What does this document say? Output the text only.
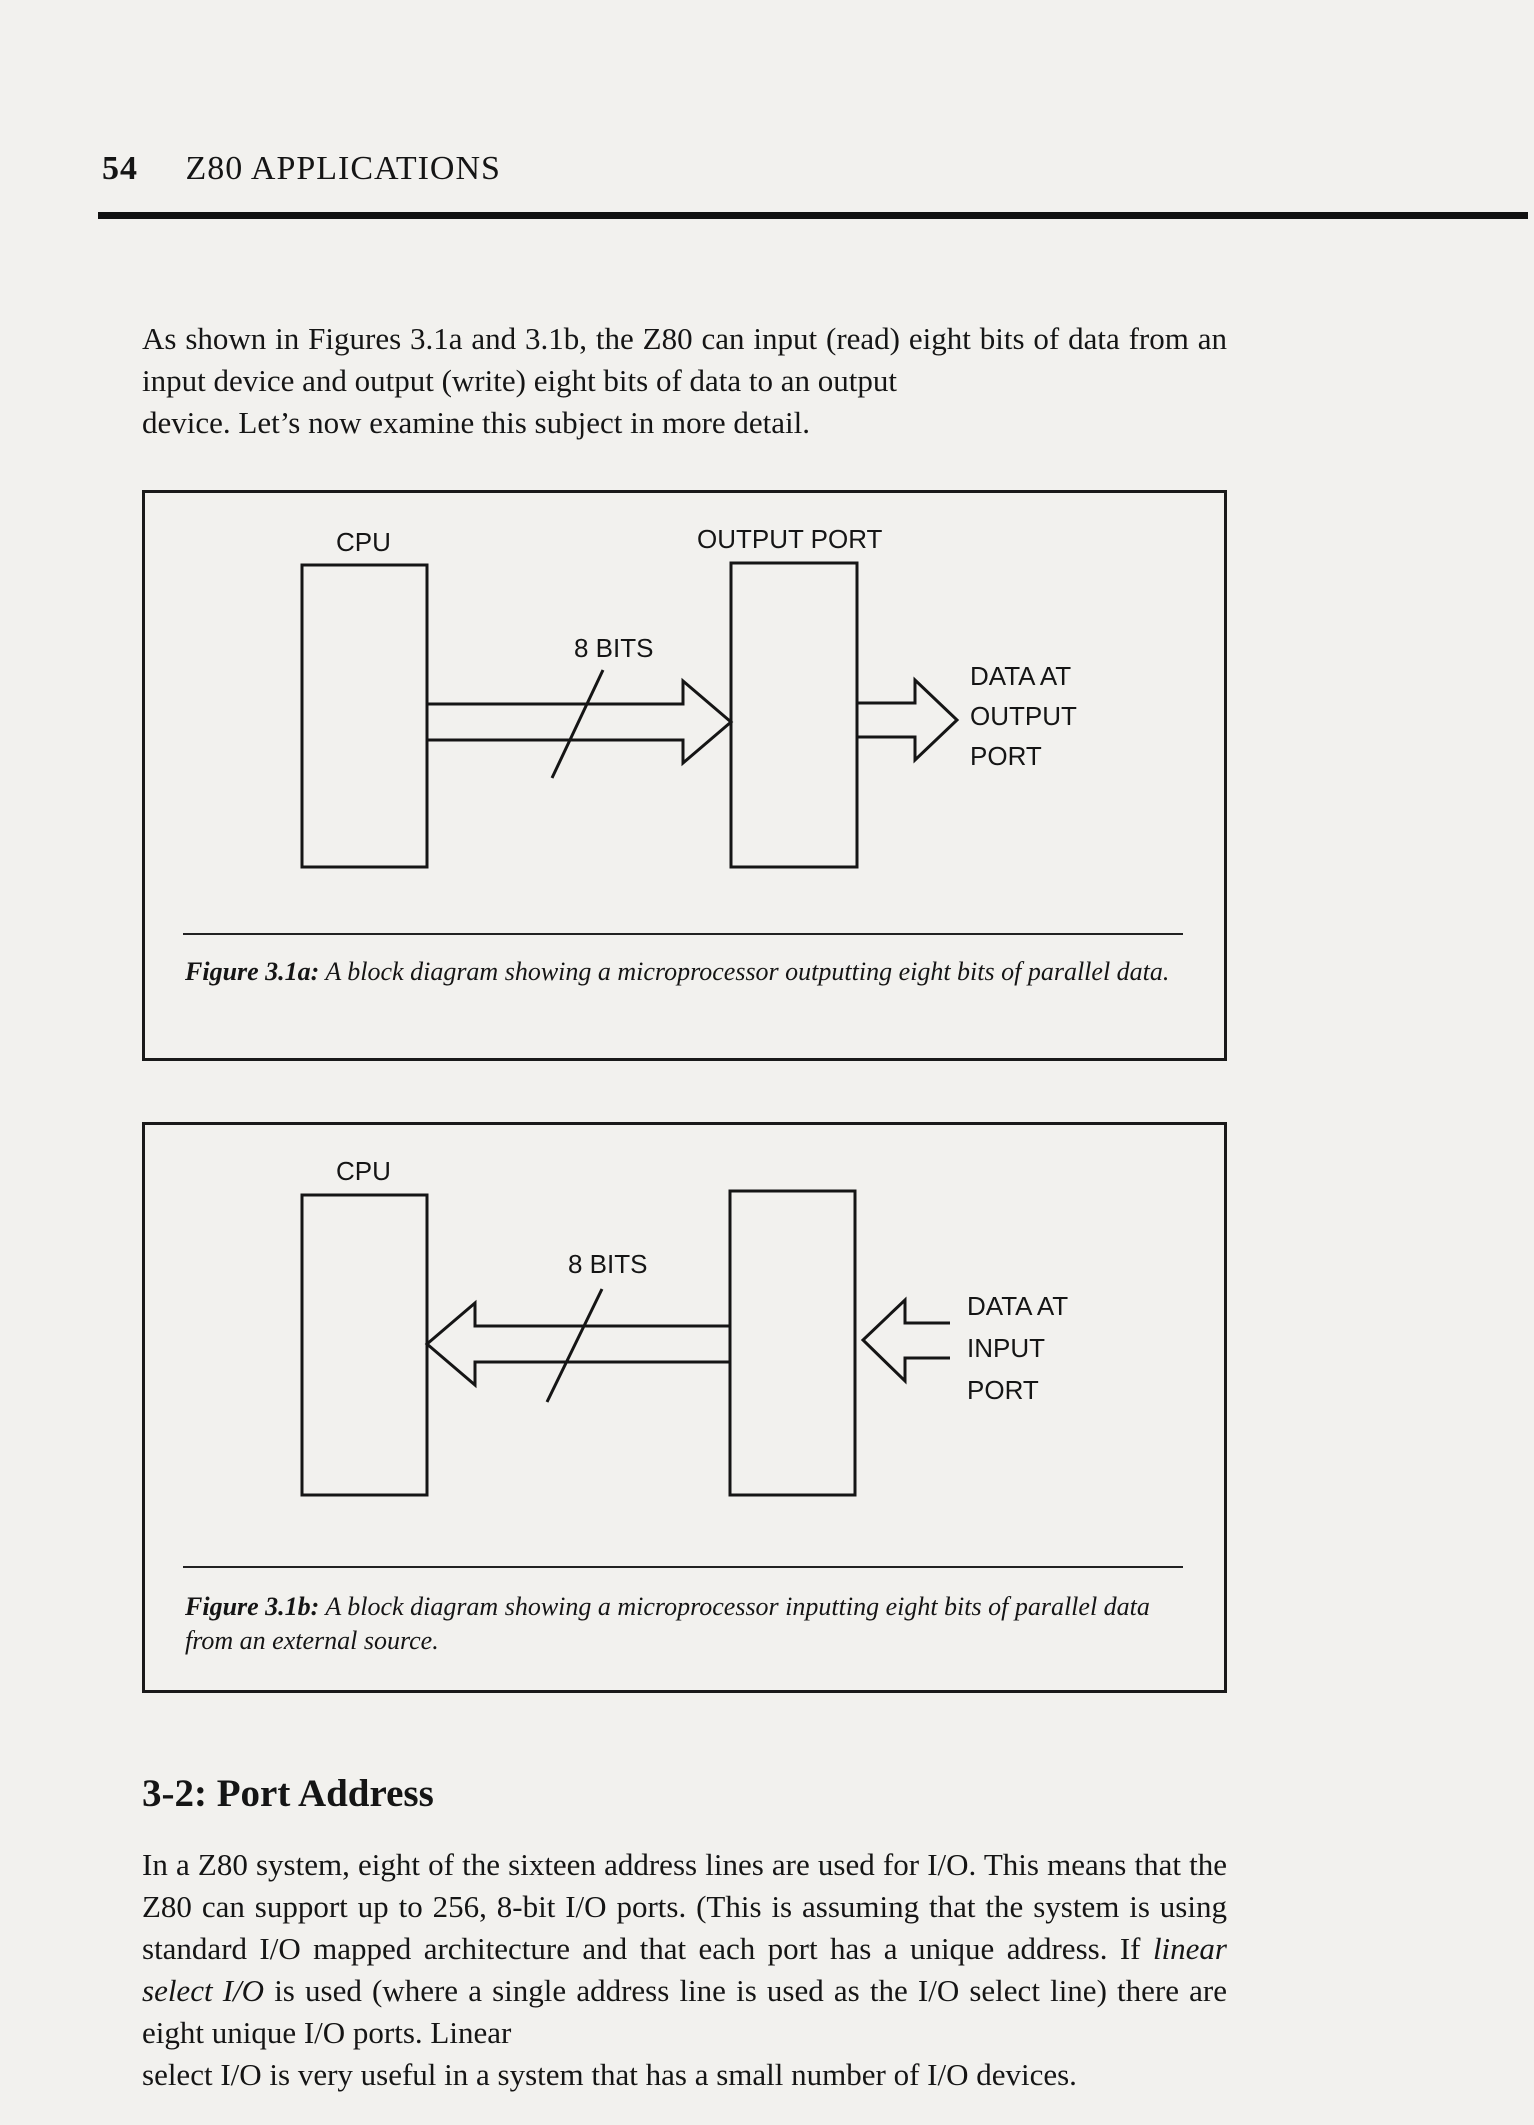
54 Z80 APPLICATIONS

As shown in Figures 3.1a and 3.1b, the Z80 can input (read) eight bits of data from an input device and output (write) eight bits of data to an output
device. Let’s now examine this subject in more detail.

CPU	OUTPUT PORT
8 BITS
DATA AT
OUTPUT
PORT

Figure 3.1a: A block diagram showing a microprocessor outputting eight bits of parallel data.

CPU
8 BITS
DATA AT
INPUT
PORT

Figure 3.1b: A block diagram showing a microprocessor inputting eight bits of parallel data from an external source.

3-2: Port Address

In a Z80 system, eight of the sixteen address lines are used for I/O. This means that the Z80 can support up to 256, 8-bit I/O ports. (This is assuming that the system is using standard I/O mapped architecture and that each port has a unique address. If linear select I/O is used (where a single address line is used as the I/O select line) there are eight unique I/O ports. Linear
select I/O is very useful in a system that has a small number of I/O devices.
